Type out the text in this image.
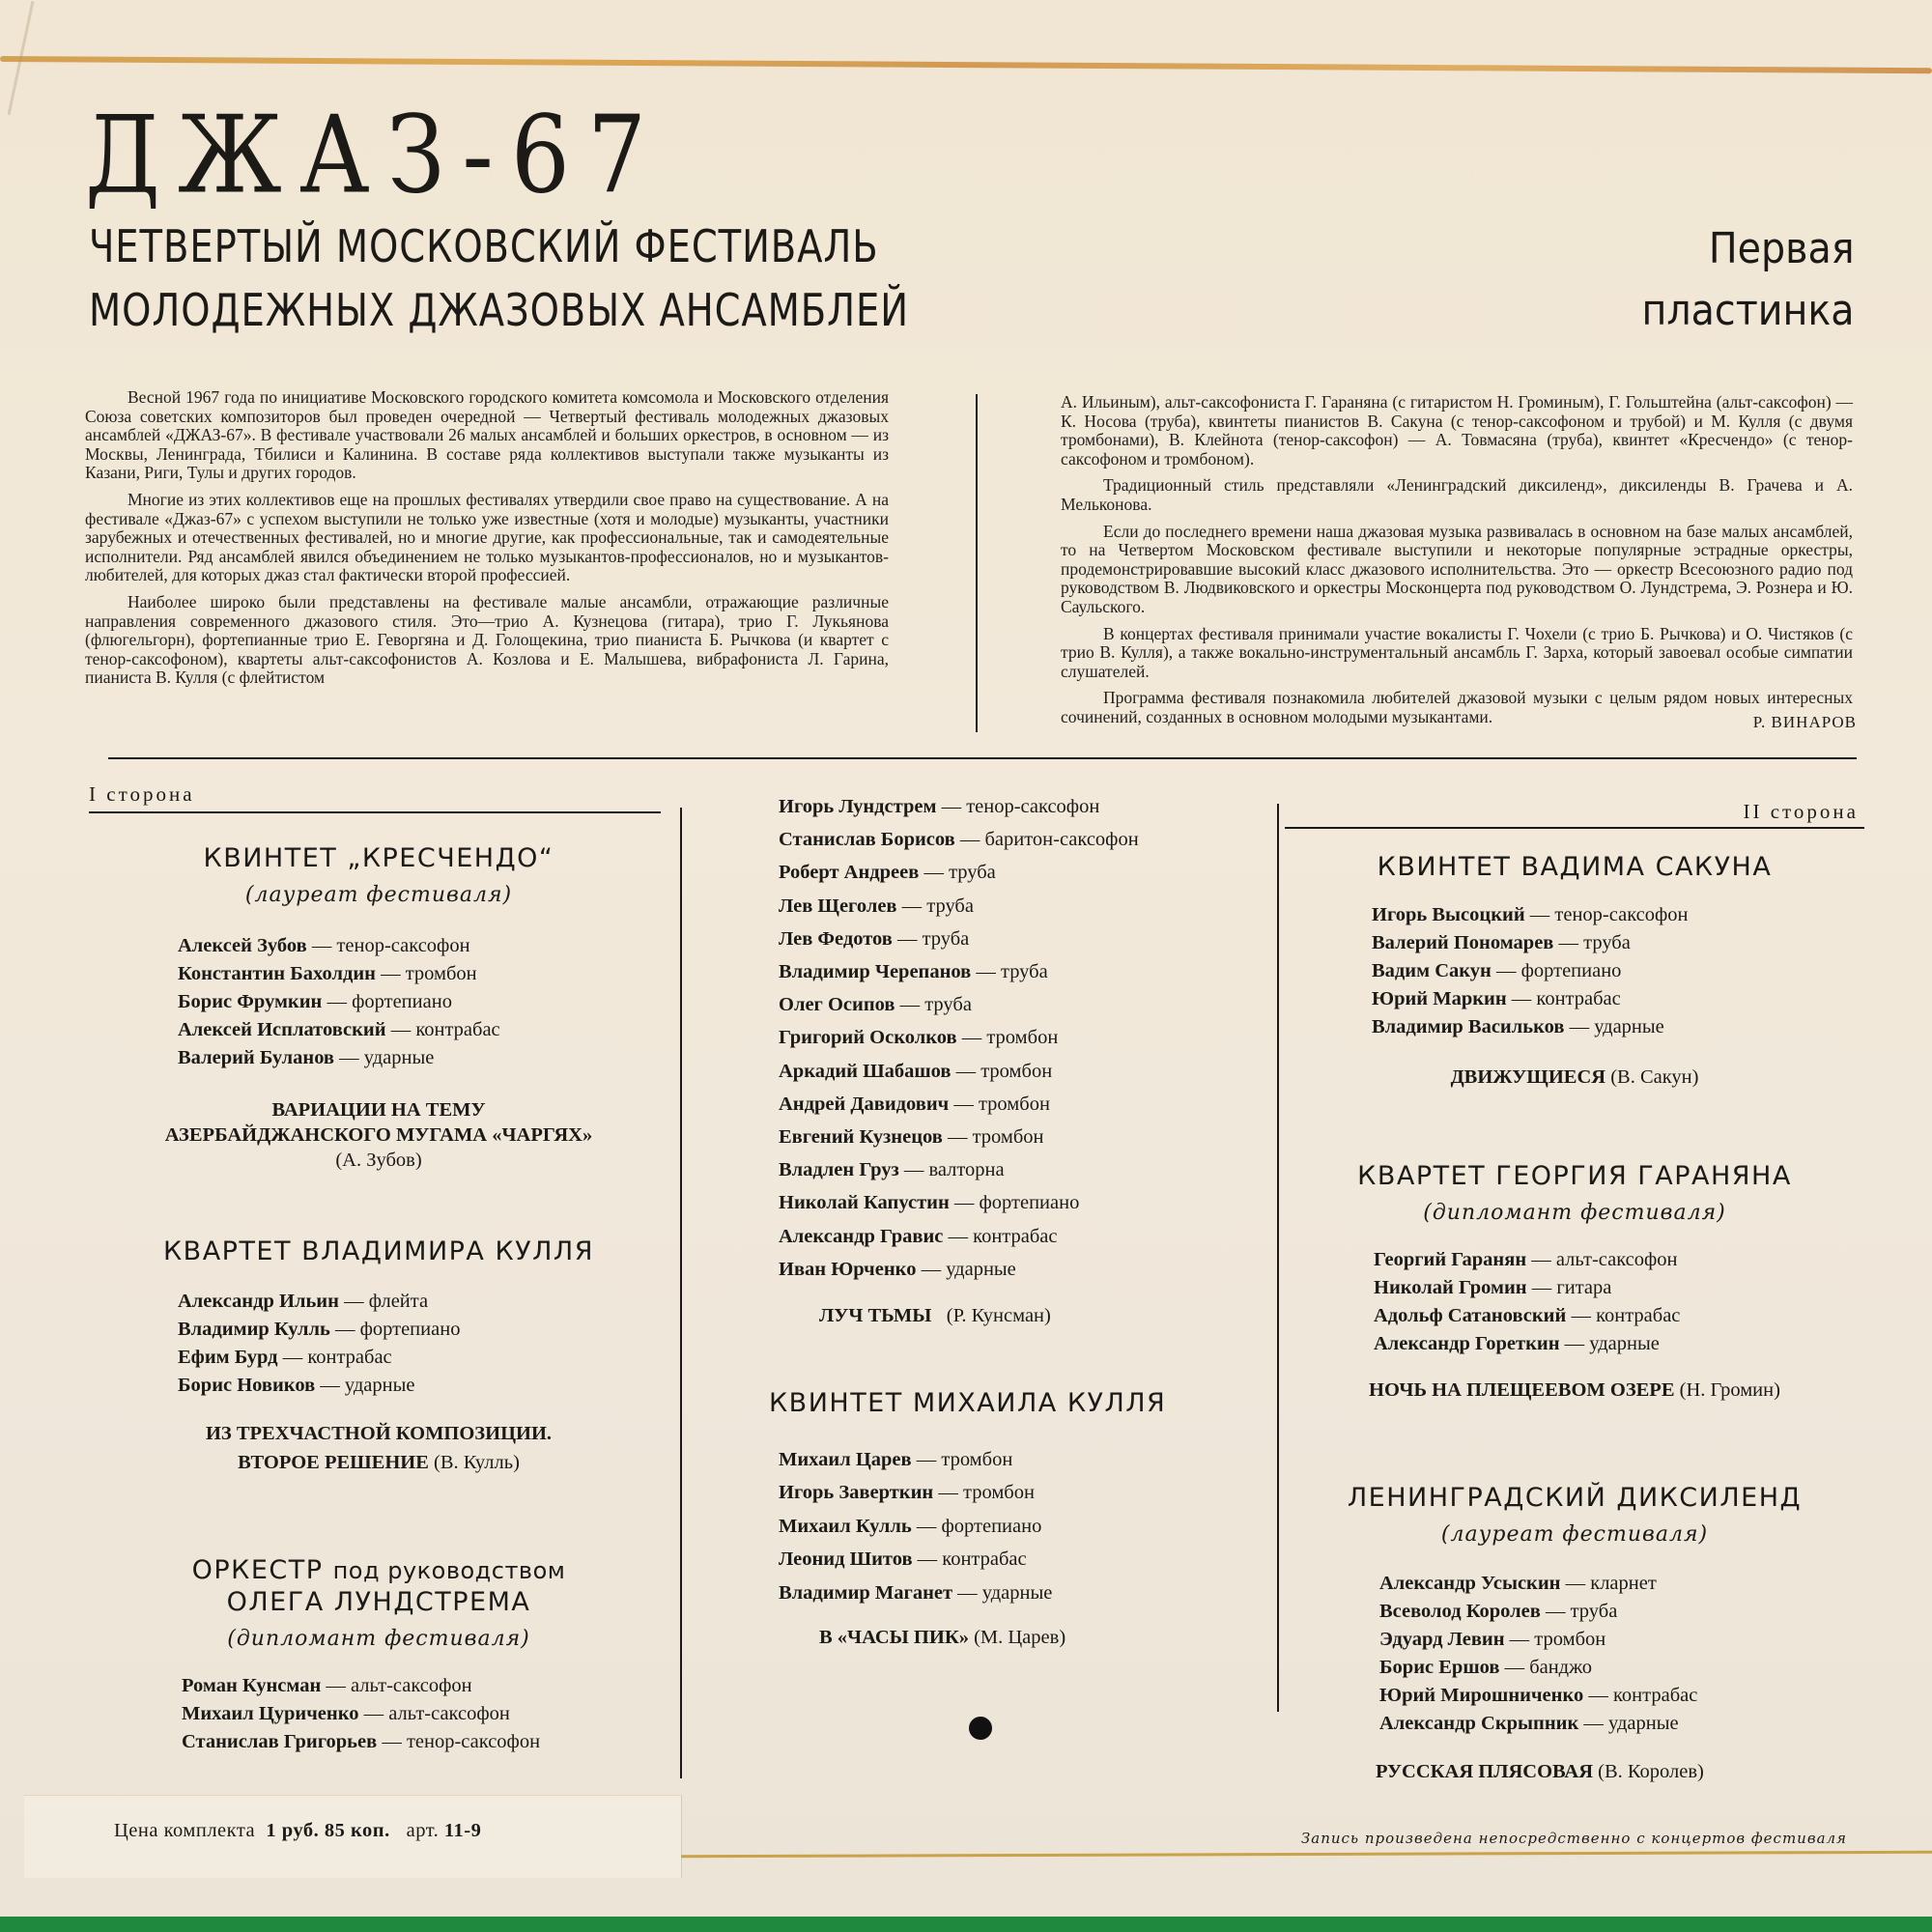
ДЖАЗ-67
ЧЕТВЕРТЫЙ МОСКОВСКИЙ ФЕСТИВАЛЬ
МОЛОДЕЖНЫХ ДЖАЗОВЫХ АНСАМБЛЕЙ
Первая
пластинка

Весной 1967 года по инициативе Московского городского комитета комсомола и Московского отделения Союза советских композиторов был проведен очередной — Четвертый фестиваль молодежных джазовых ансамблей «ДЖАЗ-67». В фестивале участвовали 26 малых ансамблей и больших оркестров, в основном — из Москвы, Ленинграда, Тбилиси и Калинина. В составе ряда коллективов выступали также музыканты из Казани, Риги, Тулы и других городов.

Многие из этих коллективов еще на прошлых фестивалях утвердили свое право на существование. А на фестивале «Джаз-67» с успехом выступили не только уже известные (хотя и молодые) музыканты, участники зарубежных и отечественных фестивалей, но и многие другие, как профессиональные, так и самодеятельные исполнители. Ряд ансамблей явился объединением не только музыкантов-профессионалов, но и музыкантов-любителей, для которых джаз стал фактически второй профессией.

Наиболее широко были представлены на фестивале малые ансамбли, отражающие различные направления современного джазового стиля. Это—трио А. Кузнецова (гитара), трио Г. Лукьянова (флюгельгорн), фортепианные трио Е. Геворгяна и Д. Голощекина, трио пианиста Б. Рычкова (и квартет с тенор-саксофоном), квартеты альт-саксофонистов А. Козлова и Е. Малышева, вибрафониста Л. Гарина, пианиста В. Кулля (с флейтистом

А. Ильиным), альт-саксофониста Г. Гараняна (с гитаристом Н. Громиным), Г. Гольштейна (альт-саксофон) — К. Носова (труба), квинтеты пианистов В. Сакуна (с тенор-саксофоном и трубой) и М. Кулля (с двумя тромбонами), В. Клейнота (тенор-саксофон) — А. Товмасяна (труба), квинтет «Кресчендо» (с тенор-саксофоном и тромбоном).

Традиционный стиль представляли «Ленинградский диксиленд», диксиленды В. Грачева и А. Мельконова.

Если до последнего времени наша джазовая музыка развивалась в основном на базе малых ансамблей, то на Четвертом Московском фестивале выступили и некоторые популярные эстрадные оркестры, продемонстрировавшие высокий класс джазового исполнительства. Это — оркестр Всесоюзного радио под руководством В. Людвиковского и оркестры Москонцерта под руководством О. Лундстрема, Э. Рознера и Ю. Саульского.

В концертах фестиваля принимали участие вокалисты Г. Чохели (с трио Б. Рычкова) и О. Чистяков (с трио В. Кулля), а также вокально-инструментальный ансамбль Г. Зарха, который завоевал особые симпатии слушателей.

Программа фестиваля познакомила любителей джазовой музыки с целым рядом новых интересных сочинений, созданных в основном молодыми музыкантами.	Р. ВИНАРОВ
I сторона
II сторона
КВИНТЕТ „КРЕСЧЕНДО“
(лауреат фестиваля)
Алексей Зубов — тенор-саксофон
Константин Бахолдин — тромбон
Борис Фрумкин — фортепиано
Алексей Исплатовский — контрабас
Валерий Буланов — ударные
ВАРИАЦИИ НА ТЕМУ
АЗЕРБАЙДЖАНСКОГО МУГАМА «ЧАРГЯХ»
(А. Зубов)
КВАРТЕТ ВЛАДИМИРА КУЛЛЯ
Александр Ильин — флейта
Владимир Кулль — фортепиано
Ефим Бурд — контрабас
Борис Новиков — ударные
ИЗ ТРЕХЧАСТНОЙ КОМПОЗИЦИИ.
ВТОРОЕ РЕШЕНИЕ (В. Кулль)
ОРКЕСТР под руководством
ОЛЕГА ЛУНДСТРЕМА
(дипломант фестиваля)
Роман Кунсман — альт-саксофон
Михаил Цуриченко — альт-саксофон
Станислав Григорьев — тенор-саксофон
Игорь Лундстрем — тенор-саксофон
Станислав Борисов — баритон-саксофон
Роберт Андреев — труба
Лев Щеголев — труба
Лев Федотов — труба
Владимир Черепанов — труба
Олег Осипов — труба
Григорий Осколков — тромбон
Аркадий Шабашов — тромбон
Андрей Давидович — тромбон
Евгений Кузнецов — тромбон
Владлен Груз — валторна
Николай Капустин — фортепиано
Александр Гравис — контрабас
Иван Юрченко — ударные
ЛУЧ ТЬМЫ (Р. Кунсман)
КВИНТЕТ МИХАИЛА КУЛЛЯ
Михаил Царев — тромбон
Игорь Заверткин — тромбон
Михаил Кулль — фортепиано
Леонид Шитов — контрабас
Владимир Маганет — ударные
В «ЧАСЫ ПИК» (М. Царев)
КВИНТЕТ ВАДИМА САКУНА
Игорь Высоцкий — тенор-саксофон
Валерий Пономарев — труба
Вадим Сакун — фортепиано
Юрий Маркин — контрабас
Владимир Васильков — ударные
ДВИЖУЩИЕСЯ (В. Сакун)
КВАРТЕТ ГЕОРГИЯ ГАРАНЯНА
(дипломант фестиваля)
Георгий Гаранян — альт-саксофон
Николай Громин — гитара
Адольф Сатановский — контрабас
Александр Горeткин — ударные
НОЧЬ НА ПЛЕЩЕЕВОМ ОЗЕРЕ (Н. Громин)
ЛЕНИНГРАДСКИЙ ДИКСИЛЕНД
(лауреат фестиваля)
Александр Усыскин — кларнет
Всеволод Королев — труба
Эдуард Левин — тромбон
Борис Ершов — банджо
Юрий Мирошниченко — контрабас
Александр Скрыпник — ударные
РУССКАЯ ПЛЯСОВАЯ (В. Королев)
Цена комплекта 1 руб. 85 коп. арт. 11-9	Запись произведена непосредственно с концертов фестиваля
